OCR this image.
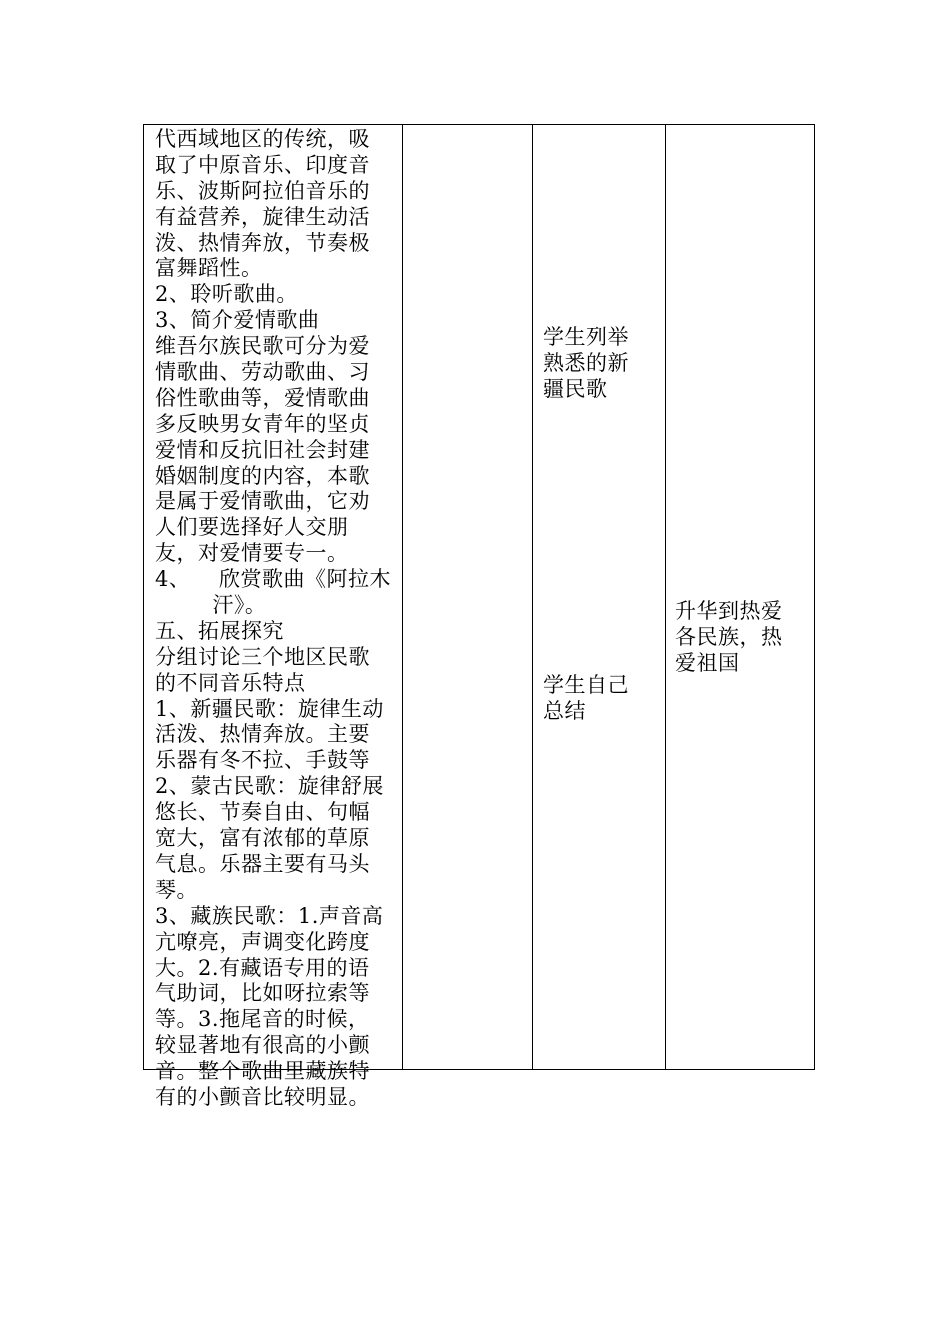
代西域地区的传统，吸
取了中原音乐、印度音
乐、波斯阿拉伯音乐的
有益营养，旋律生动活
泼、热情奔放，节奏极
富舞蹈性。
2、聆听歌曲。
3、简介爱情歌曲
维吾尔族民歌可分为爱
情歌曲、劳动歌曲、习
俗性歌曲等，爱情歌曲
多反映男女青年的坚贞
爱情和反抗旧社会封建
婚姻制度的内容，本歌
是属于爱情歌曲，它劝
人们要选择好人交朋
友，对爱情要专一。
4、    欣赏歌曲《阿拉木
汗》。
五、拓展探究
分组讨论三个地区民歌
的不同音乐特点
1、新疆民歌：旋律生动
活泼、热情奔放。主要
乐器有冬不拉、手鼓等
2、蒙古民歌：旋律舒展
悠长、节奏自由、句幅
宽大，富有浓郁的草原
气息。乐器主要有马头
琴。
3、藏族民歌：1.声音高
亢嘹亮，声调变化跨度
大。2.有藏语专用的语
气助词，比如呀拉索等
等。3.拖尾音的时候，
较显著地有很高的小颤
音。整个歌曲里藏族特
有的小颤音比较明显。
学生列举
熟悉的新
疆民歌
学生自己
总结
升华到热爱
各民族，热
爱祖国
